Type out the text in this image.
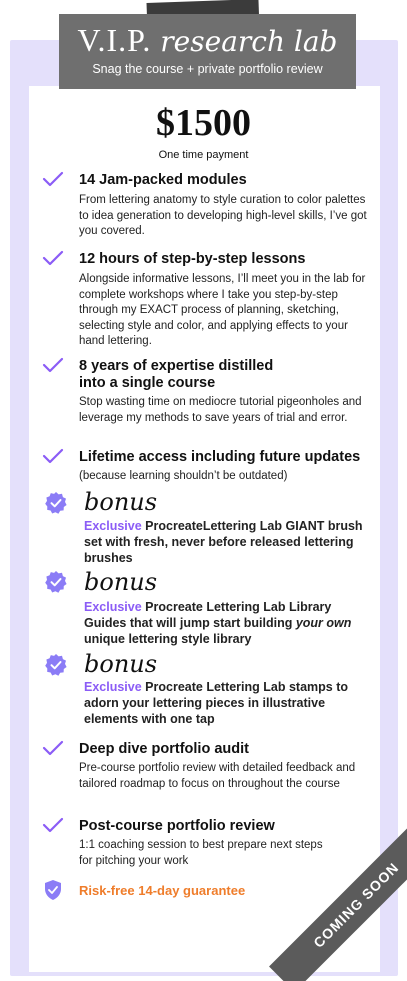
V.I.P. research lab
Snag the course + private portfolio review
$1500
One time payment
14 Jam-packed modules
From lettering anatomy to style curation to color palettes to idea generation to developing high-level skills, I’ve got you covered.
12 hours of step-by-step lessons
Alongside informative lessons, I’ll meet you in the lab for complete workshops where I take you step-by-step through my EXACT process of planning, sketching, selecting style and color, and applying effects to your hand lettering.
8 years of expertise distilled into a single course
Stop wasting time on mediocre tutorial pigeonholes and leverage my methods to save years of trial and error.
Lifetime access including future updates
(because learning shouldn’t be outdated)
bonus
Exclusive ProcreateLettering Lab GIANT brush set with fresh, never before released lettering brushes
bonus
Exclusive Procreate Lettering Lab Library Guides that will jump start building your own unique lettering style library
bonus
Exclusive Procreate Lettering Lab stamps to adorn your lettering pieces in illustrative elements with one tap
Deep dive portfolio audit
Pre-course portfolio review with detailed feedback and tailored roadmap to focus on throughout the course
Post-course portfolio review
1:1 coaching session to best prepare next steps for pitching your work
Risk-free 14-day guarantee	COMING SOON
